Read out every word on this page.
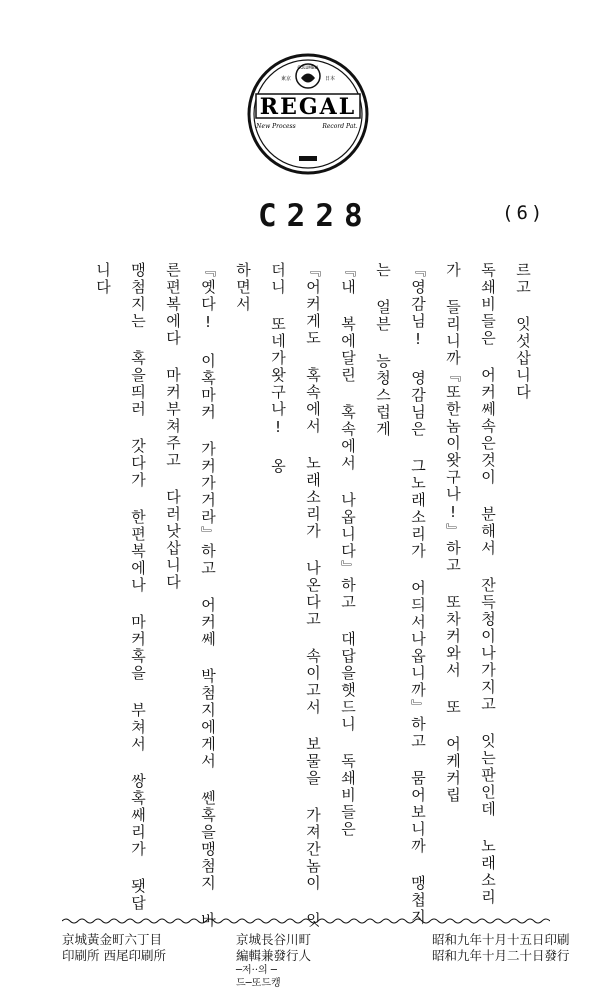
COLUMBIA
東京	日本
REGAL
New Process	Record Pat.
C228	(6)
르고 잇섯삽니다
독쇄비들은 어커쎄속은것이 분해서 잔득청이나가지고 잇는판인데 노래소리
가 들리니까『또한놈이왓구나!』하고 또차커와서 또 어케커립
『영감님! 영감님은 그노래소리가 어듸서나옵니까』하고 뭄어보니까 맹첩지
는 얼븐 능청스럽게
『내 복에달린 혹속에서 나옵니다』하고 대답을햇드니 독쇄비들은
『어커게도 혹속에서 노래소리가 나온다고 속이고서 보물을 가져간놈이 잇
더니 또네가왓구나! 옹
하면서
『옛다! 이혹마커 가커가거라』하고 어커쎄 박첨지에게서 쎈혹을맹첨지 바
른편복에다 마커부쳐주고 다러낫삽니다
맹첨지는 혹을띄러 갓다가 한편복에나 마커혹을 부쳐서 쌍혹쌔리가 됏답
니다
昭和九年十月十五日印刷
昭和九年十月二十日發行
京城長谷川町
編輯兼發行人
─저··의 ─
드─또드캥
京城黃金町六丁目
印刷所 西尾印刷所
